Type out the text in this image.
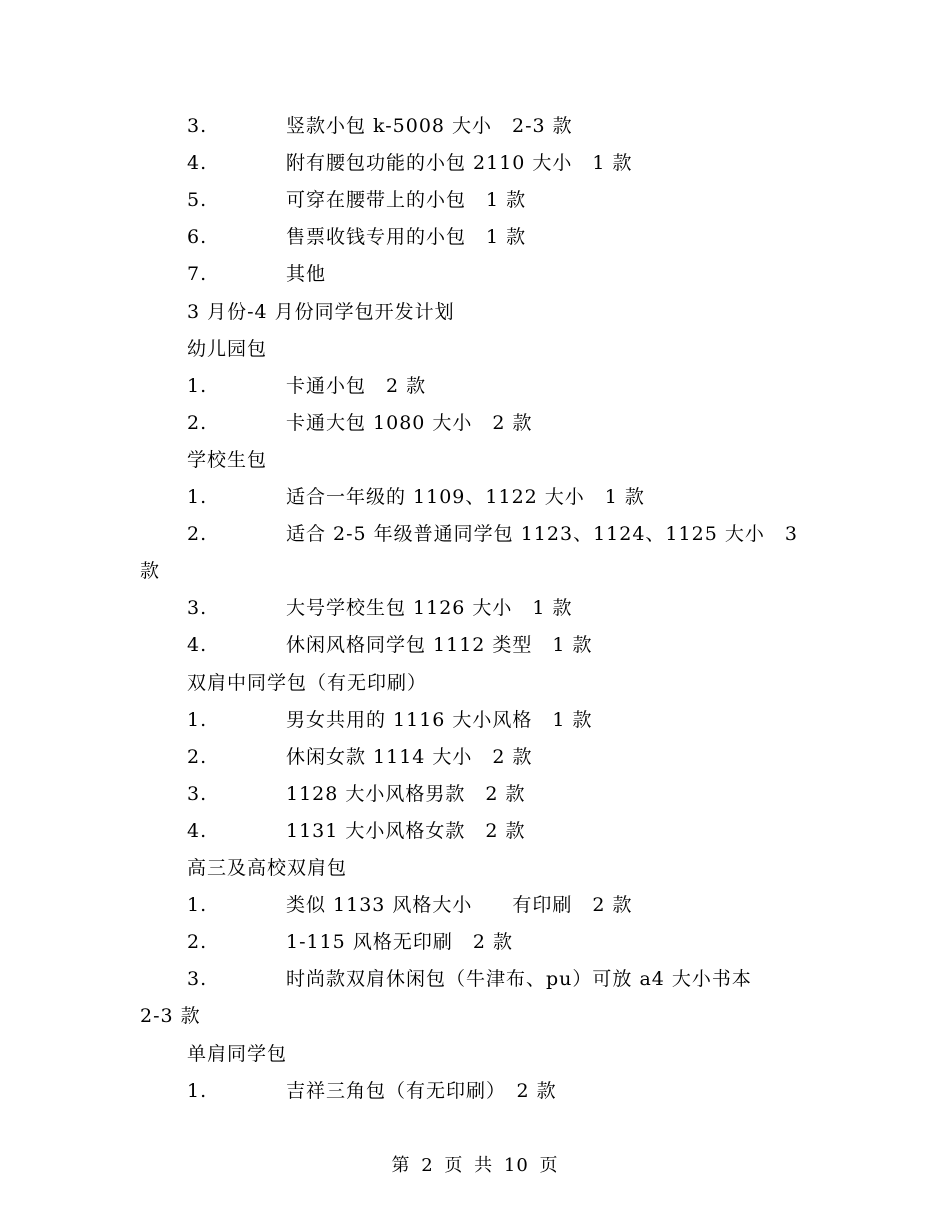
3.	竖款小包 k-5008 大小　2-3 款
4.	附有腰包功能的小包 2110 大小　1 款
5.	可穿在腰带上的小包　1 款
6.	售票收钱专用的小包　1 款
7.	其他
3 月份-4 月份同学包开发计划
幼儿园包
1.	卡通小包　2 款
2.	卡通大包 1080 大小　2 款
学校生包
1.	适合一年级的 1109、1122 大小　1 款
2.	适合 2-5 年级普通同学包 1123、1124、1125 大小　3
款
3.	大号学校生包 1126 大小　1 款
4.	休闲风格同学包 1112 类型　1 款
双肩中同学包（有无印刷）
1.	男女共用的 1116 大小风格　1 款
2.	休闲女款 1114 大小　2 款
3.	1128 大小风格男款　2 款
4.	1131 大小风格女款　2 款
高三及高校双肩包
1.	类似 1133 风格大小　　有印刷　2 款
2.	1-115 风格无印刷　2 款
3.	时尚款双肩休闲包（牛津布、pu）可放 a4 大小书本
2-3 款
单肩同学包
1.	吉祥三角包（有无印刷）　2 款
第 2 页 共 10 页
